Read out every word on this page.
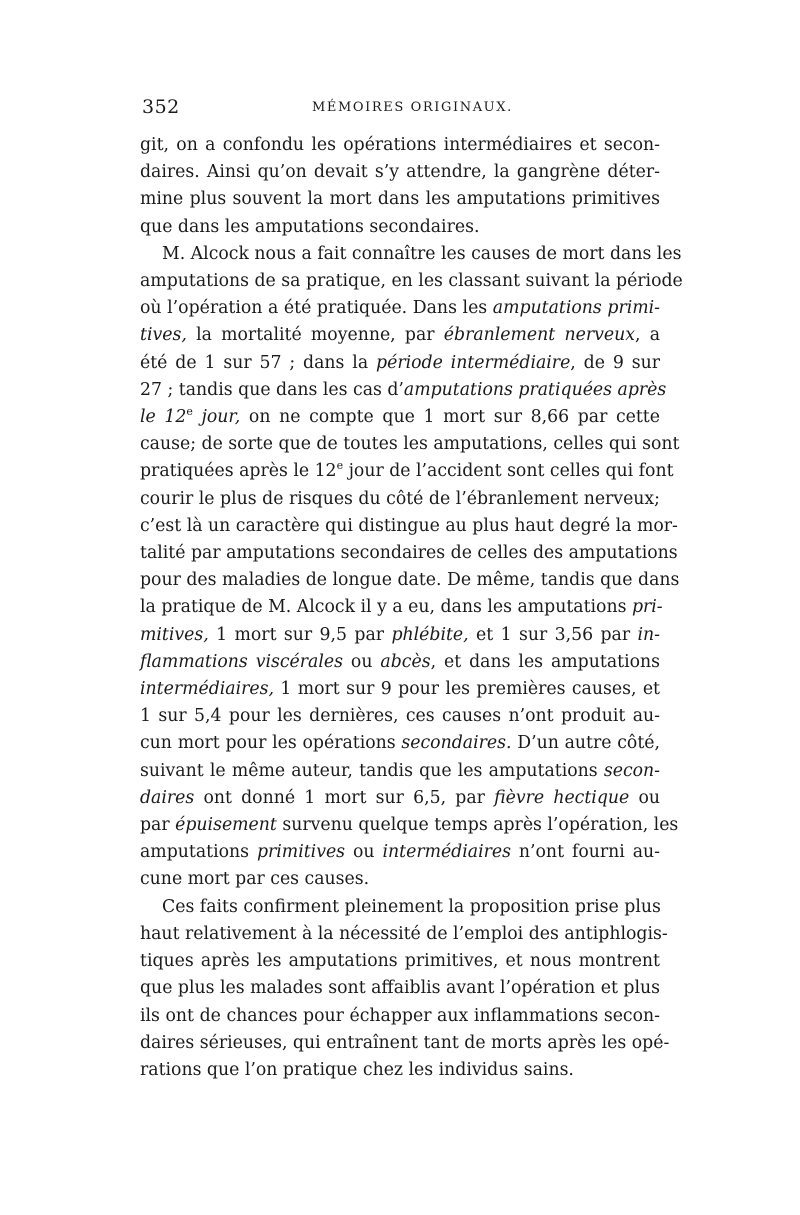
352	MÉMOIRES ORIGINAUX.
git, on a confondu les opérations intermédiaires et secon-
daires. Ainsi qu’on devait s’y attendre, la gangrène déter-
mine plus souvent la mort dans les amputations primitives
que dans les amputations secondaires.
M. Alcock nous a fait connaître les causes de mort dans les
amputations de sa pratique, en les classant suivant la période
où l’opération a été pratiquée. Dans les amputations primi-
tives, la mortalité moyenne, par ébranlement nerveux, a
été de 1 sur 57 ; dans la période intermédiaire, de 9 sur
27 ; tandis que dans les cas d’amputations pratiquées après
le 12e jour, on ne compte que 1 mort sur 8,66 par cette
cause; de sorte que de toutes les amputations, celles qui sont
pratiquées après le 12e jour de l’accident sont celles qui font
courir le plus de risques du côté de l’ébranlement nerveux;
c’est là un caractère qui distingue au plus haut degré la mor-
talité par amputations secondaires de celles des amputations
pour des maladies de longue date. De même, tandis que dans
la pratique de M. Alcock il y a eu, dans les amputations pri-
mitives, 1 mort sur 9,5 par phlébite, et 1 sur 3,56 par in-
flammations viscérales ou abcès, et dans les amputations
intermédiaires, 1 mort sur 9 pour les premières causes, et
1 sur 5,4 pour les dernières, ces causes n’ont produit au-
cun mort pour les opérations secondaires. D’un autre côté,
suivant le même auteur, tandis que les amputations secon-
daires ont donné 1 mort sur 6,5, par fièvre hectique ou
par épuisement survenu quelque temps après l’opération, les
amputations primitives ou intermédiaires n’ont fourni au-
cune mort par ces causes.
Ces faits confirment pleinement la proposition prise plus
haut relativement à la nécessité de l’emploi des antiphlogis-
tiques après les amputations primitives, et nous montrent
que plus les malades sont affaiblis avant l’opération et plus
ils ont de chances pour échapper aux inflammations secon-
daires sérieuses, qui entraînent tant de morts après les opé-
rations que l’on pratique chez les individus sains.
